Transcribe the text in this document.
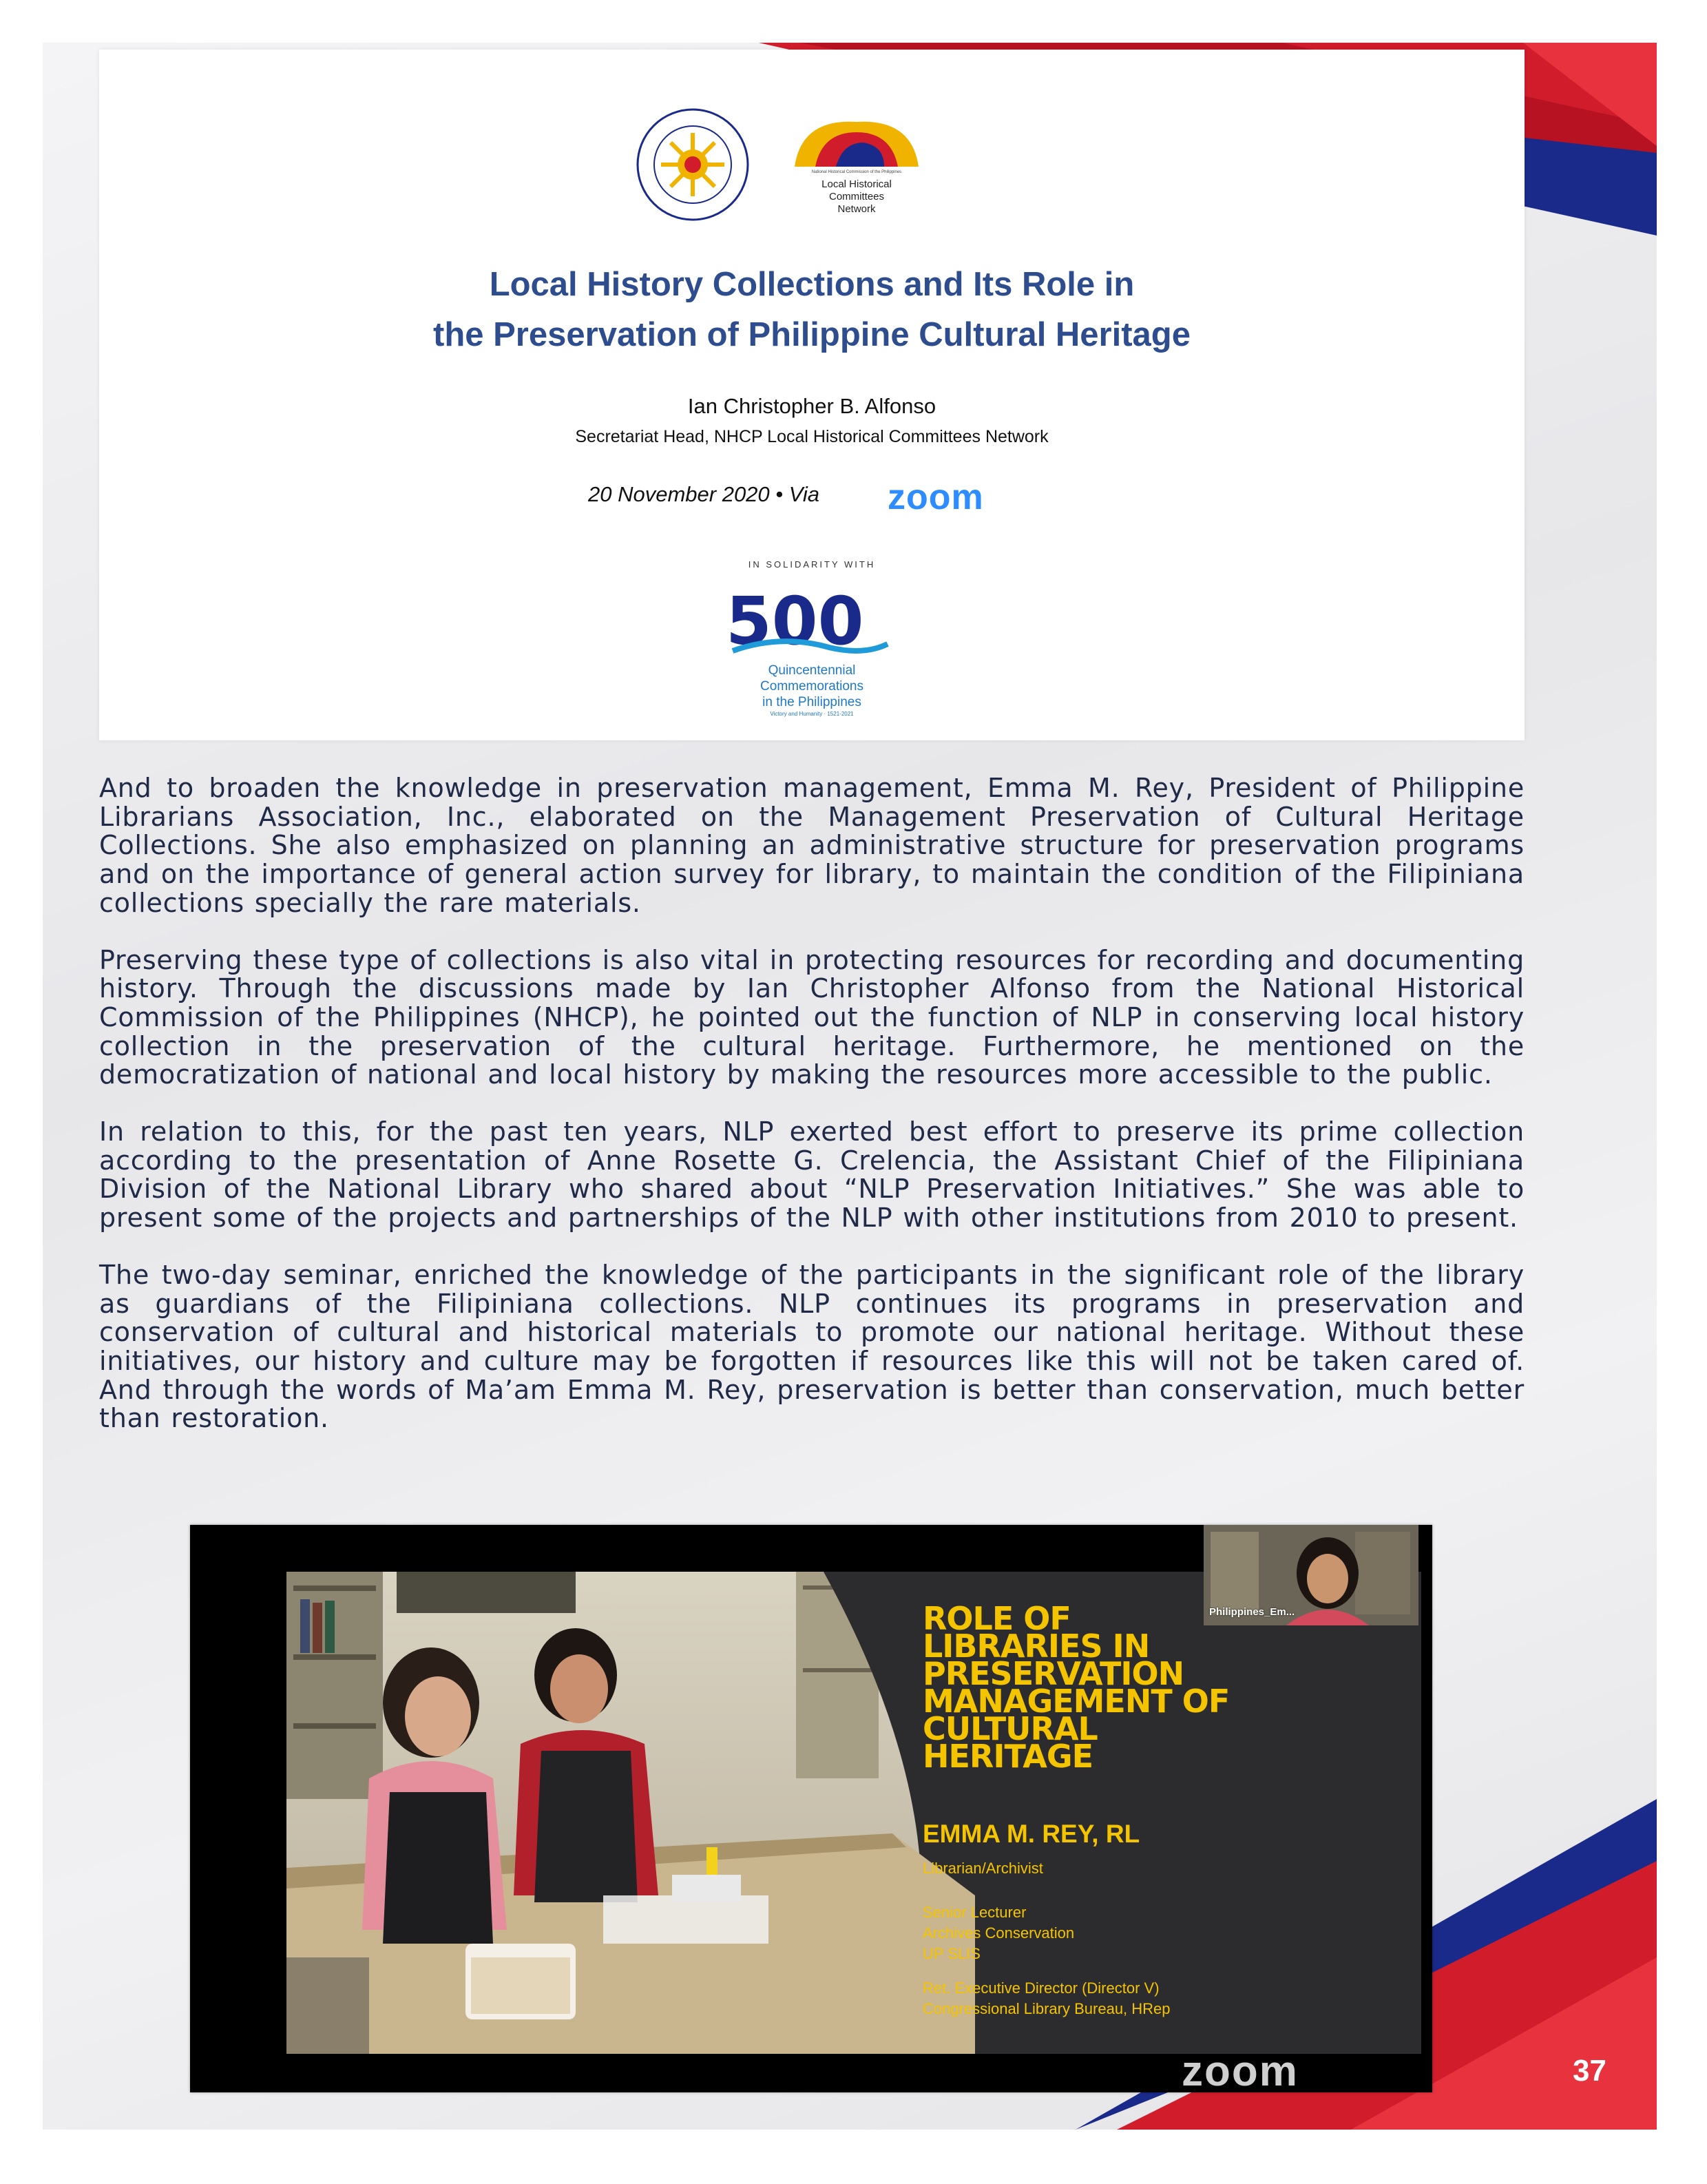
National Historical Commission of the Philippines
Local Historical
Committees
Network
Local History Collections and Its Role in
the Preservation of Philippine Cultural Heritage
Ian Christopher B. Alfonso
Secretariat Head, NHCP Local Historical Committees Network
20 November 2020 • Via zoom
IN SOLIDARITY WITH
500
Quincentennial
Commemorations
in the Philippines
Victory and Humanity · 1521-2021

And to broaden the knowledge in preservation management, Emma M. Rey, President of Philippine Librarians Association, Inc., elaborated on the Management Preservation of Cultural Heritage Collections. She also emphasized on planning an administrative structure for preservation programs and on the importance of general action survey for library, to maintain the condition of the Filipiniana collections specially the rare materials.

Preserving these type of collections is also vital in protecting resources for recording and documenting history. Through the discussions made by Ian Christopher Alfonso from the National Historical Commission of the Philippines (NHCP), he pointed out the function of NLP in conserving local history collection in the preservation of the cultural heritage. Furthermore, he mentioned on the democratization of national and local history by making the resources more accessible to the public.

In relation to this, for the past ten years, NLP exerted best effort to preserve its prime collection according to the presentation of Anne Rosette G. Crelencia, the Assistant Chief of the Filipiniana Division of the National Library who shared about “NLP Preservation Initiatives.” She was able to present some of the projects and partnerships of the NLP with other institutions from 2010 to present.

The two-day seminar, enriched the knowledge of the participants in the significant role of the library as guardians of the Filipiniana collections. NLP continues its programs in preservation and conservation of cultural and historical materials to promote our national heritage. Without these initiatives, our history and culture may be forgotten if resources like this will not be taken cared of. And through the words of Ma’am Emma M. Rey, preservation is better than conservation, much better than restoration.

ROLE OF
LIBRARIES IN
PRESERVATION
MANAGEMENT OF
CULTURAL
HERITAGE
EMMA M. REY, RL
Librarian/Archivist
Senior Lecturer
Archives Conservation
UP SLIS
Ret. Executive Director (Director V)
Congressional Library Bureau, HRep
Philippines_Em...
zoom	37
